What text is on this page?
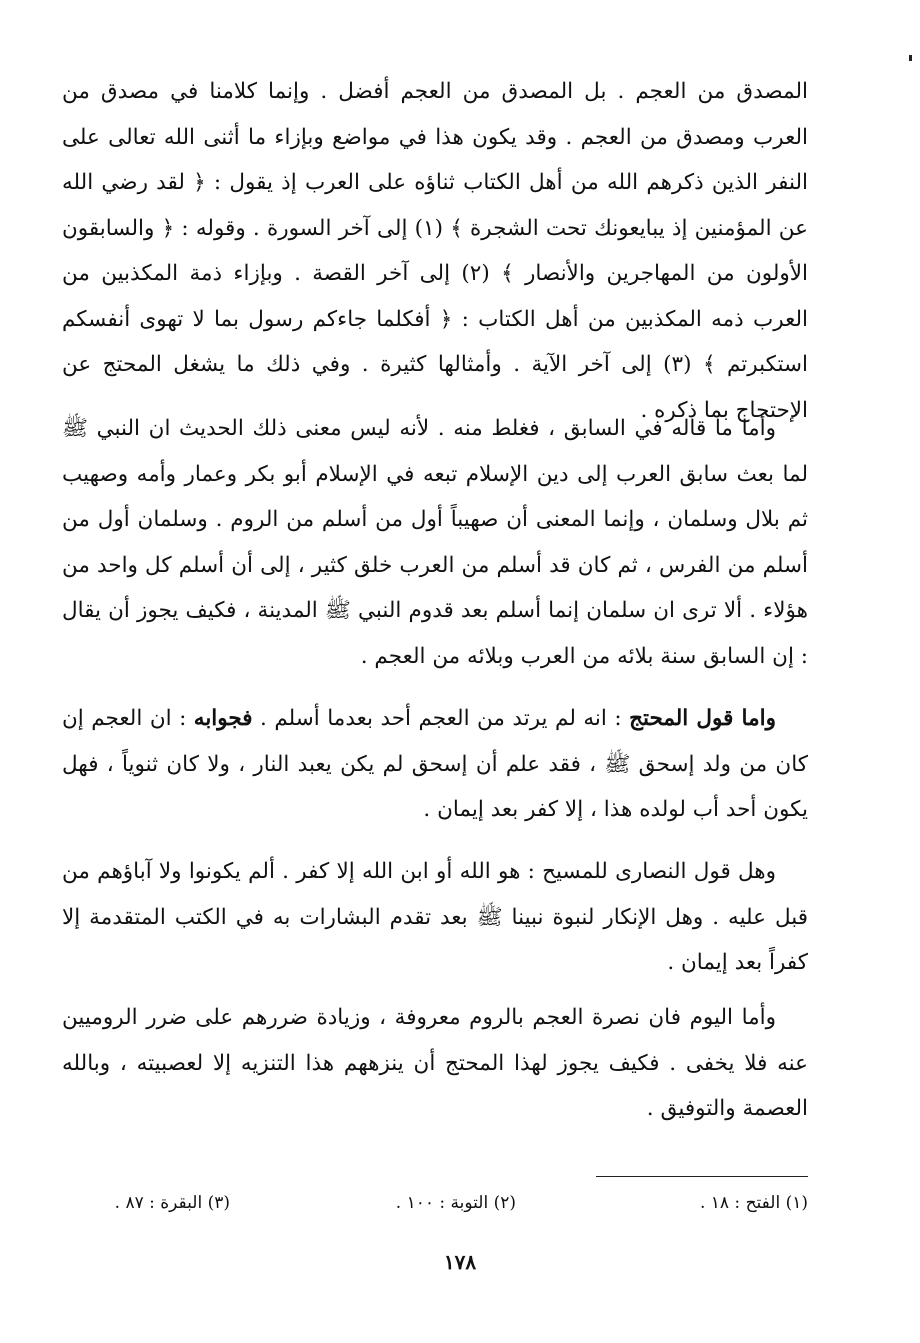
المصدق من العجم . بل المصدق من العجم أفضل . وإنما كلامنا في مصدق من العرب ومصدق من العجم . وقد يكون هذا في مواضع وبإزاء ما أثنى الله تعالى على النفر الذين ذكرهم الله من أهل الكتاب ثناؤه على العرب إذ يقول : ﴿ لقد رضي الله عن المؤمنين إذ يبايعونك تحت الشجرة ﴾ (١) إلى آخر السورة . وقوله : ﴿ والسابقون الأولون من المهاجرين والأنصار ﴾ (٢) إلى آخر القصة . وبإزاء ذمة المكذبين من العرب ذمه المكذبين من أهل الكتاب : ﴿ أفكلما جاءكم رسول بما لا تهوى أنفسكم استكبرتم ﴾ (٣) إلى آخر الآية . وأمثالها كثيرة . وفي ذلك ما يشغل المحتج عن الإحتجاج بما ذكره .

وأما ما قاله في السابق ، فغلط منه . لأنه ليس معنى ذلك الحديث ان النبي ﷺ لما بعث سابق العرب إلى دين الإسلام تبعه في الإسلام أبو بكر وعمار وأمه وصهيب ثم بلال وسلمان ، وإنما المعنى أن صهيباً أول من أسلم من الروم . وسلمان أول من أسلم من الفرس ، ثم كان قد أسلم من العرب خلق كثير ، إلى أن أسلم كل واحد من هؤلاء . ألا ترى ان سلمان إنما أسلم بعد قدوم النبي ﷺ المدينة ، فكيف يجوز أن يقال : إن السابق سنة بلائه من العرب وبلائه من العجم .

واما قول المحتج : انه لم يرتد من العجم أحد بعدما أسلم . فجوابه : ان العجم إن كان من ولد إسحق ﷺ ، فقد علم أن إسحق لم يكن يعبد النار ، ولا كان ثنوياً ، فهل يكون أحد أب لولده هذا ، إلا كفر بعد إيمان .

وهل قول النصارى للمسيح : هو الله أو ابن الله إلا كفر . ألم يكونوا ولا آباؤهم من قبل عليه . وهل الإنكار لنبوة نبينا ﷺ بعد تقدم البشارات به في الكتب المتقدمة إلا كفراً بعد إيمان .

وأما اليوم فان نصرة العجم بالروم معروفة ، وزيادة ضررهم على ضرر الروميين عنه فلا يخفى . فكيف يجوز لهذا المحتج أن ينزههم هذا التنزيه إلا لعصبيته ، وبالله العصمة والتوفيق .

(١) الفتح : ١٨ .
(٢) التوبة : ١٠٠ .
(٣) البقرة : ٨٧ .
١٧٨
